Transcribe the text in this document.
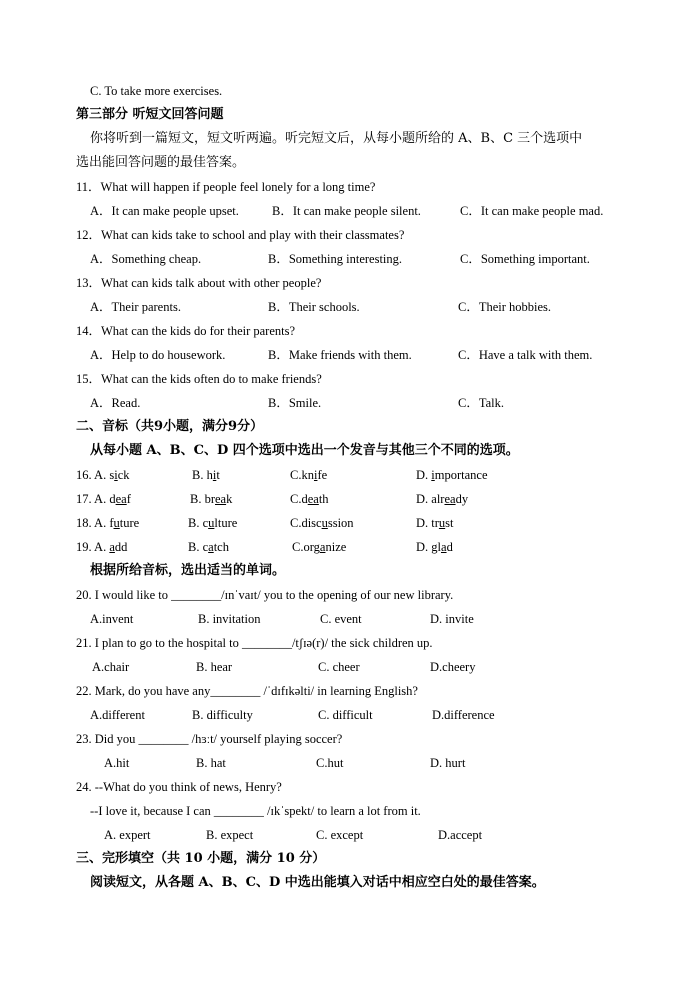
C. To take more exercises.
第三部分 听短文回答问题
你将听到一篇短文，短文听两遍。听完短文后，从每小题所给的 A、B、C 三个选项中
选出能回答问题的最佳答案。
11．What will happen if people feel lonely for a long time?
A．It can make people upset.	B．It can make people silent.	C．It can make people mad.
12．What can kids take to school and play with their classmates?
A．Something cheap.	B．Something interesting.	C．Something important.
13．What can kids talk about with other people?
A．Their parents.	B．Their schools.	C．Their hobbies.
14．What can the kids do for their parents?
A．Help to do housework.	B．Make friends with them.	C．Have a talk with them.
15．What can the kids often do to make friends?
A．Read.	B．Smile.	C．Talk.
二、音标（共9小题，满分9分）
从每小题 A、B、C、D 四个选项中选出一个发音与其他三个不同的选项。
16. A. sick	B. hit	C.knife	D. importance
17. A. deaf	B. break	C.death	D. already
18. A. future	B. culture	C.discussion	D. trust
19. A. add	B. catch	C.organize	D. glad
根据所给音标，选出适当的单词。
20. I would like to ________/ɪnˈvaɪt/ you to the opening of our new library.
A.invent	B. invitation	C. event	D. invite
21. I plan to go to the hospital to ________/tʃɪə(r)/ the sick children up.
A.chair	B. hear	C. cheer	D.cheery
22. Mark, do you have any________ /ˈdɪfɪkəlti/ in learning English?
A.different	B. difficulty	C. difficult	D.difference
23. Did you ________ /hɜːt/ yourself playing soccer?
A.hit	B. hat	C.hut	D. hurt
24. --What do you think of news, Henry?
--I love it, because I can ________ /ɪkˈspekt/ to learn a lot from it.
A. expert	B. expect	C. except	D.accept
三、完形填空（共 10 小题，满分 10 分）
阅读短文，从各题 A、B、C、D 中选出能填入对话中相应空白处的最佳答案。
